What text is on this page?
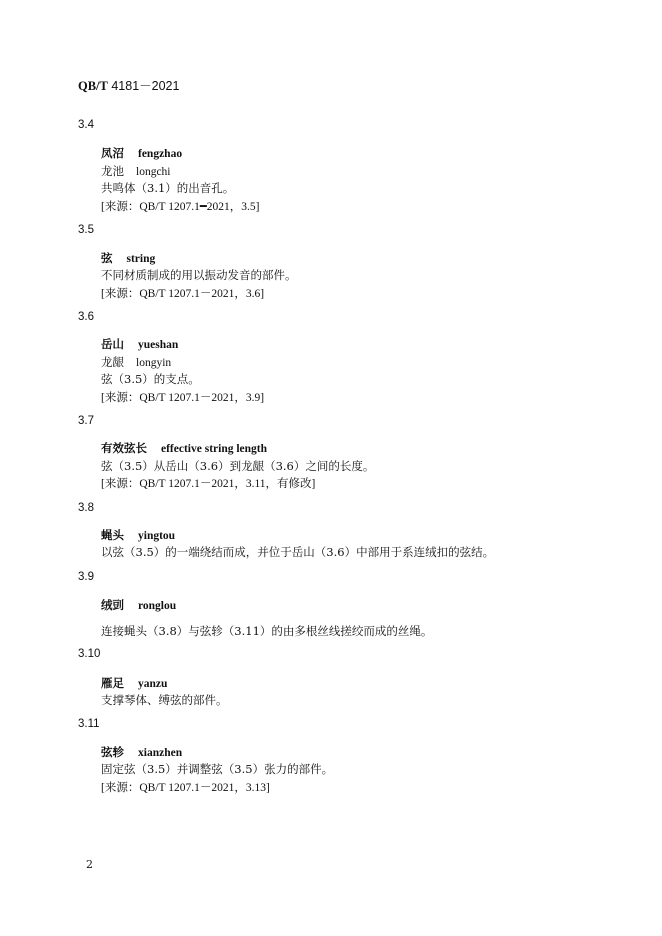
QB/T 4181－2021
3.4
凤沼 fengzhao
龙池 longchi
共鸣体（3.1）的出音孔。
[来源：QB/T 1207.1━2021，3.5]
3.5
弦 string
不同材质制成的用以振动发音的部件。
[来源：QB/T 1207.1－2021，3.6]
3.6
岳山 yueshan
龙龈 longyin
弦（3.5）的支点。
[来源：QB/T 1207.1－2021，3.9]
3.7
有效弦长 effective string length
弦（3.5）从岳山（3.6）到龙龈（3.6）之间的长度。
[来源：QB/T 1207.1－2021，3.11，有修改]
3.8
蝇头 yingtou
以弦（3.5）的一端绕结而成，并位于岳山（3.6）中部用于系连绒扣的弦结。
3.9
绒剅 ronglou
连接蝇头（3.8）与弦轸（3.11）的由多根丝线搓绞而成的丝绳。
3.10
雁足 yanzu
支撑琴体、缚弦的部件。
3.11
弦轸 xianzhen
固定弦（3.5）并调整弦（3.5）张力的部件。
[来源：QB/T 1207.1－2021，3.13]
2
